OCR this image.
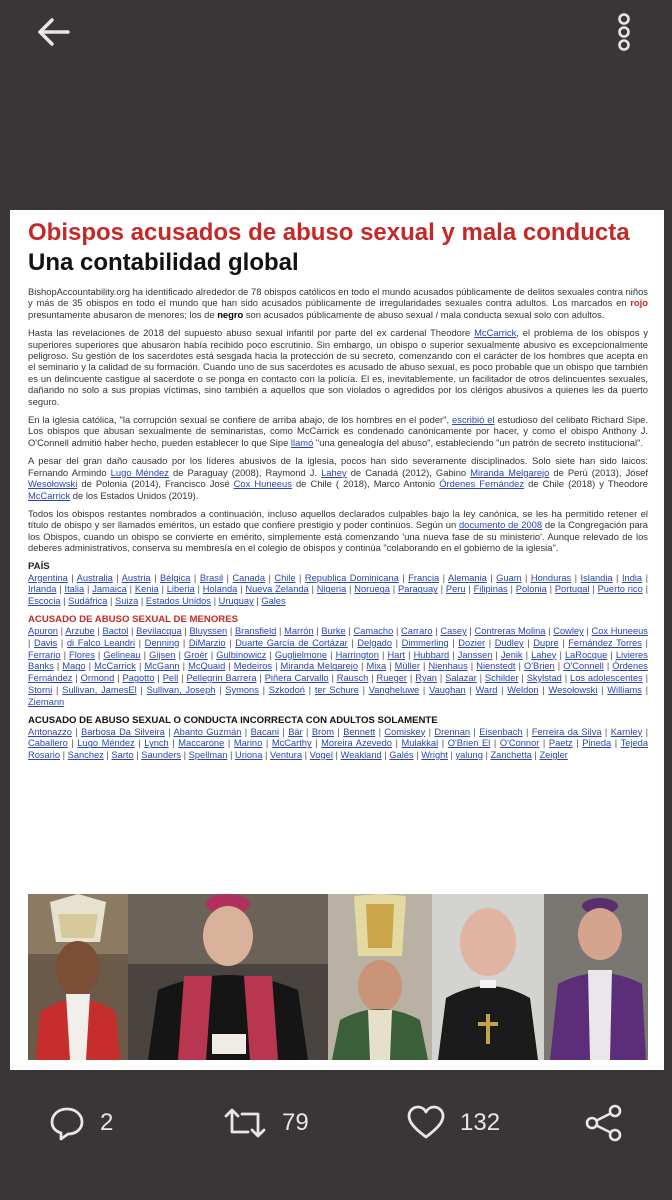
Obispos acusados de abuso sexual y mala conducta
Una contabilidad global

BishopAccountability.org ha identificado alrededor de 78 obispos católicos en todo el mundo acusados públicamente de delitos sexuales contra niños y más de 35 obispos en todo el mundo que han sido acusados públicamente de irregularidades sexuales contra adultos. Los marcados en rojo presuntamente abusaron de menores; los de negro son acusados públicamente de abuso sexual / mala conducta sexual solo con adultos.

Hasta las revelaciones de 2018 del supuesto abuso sexual infantil por parte del ex cardenal Theodore McCarrick, el problema de los obispos y superiores superiores que abusaron había recibido poco escrutinio. Sin embargo, un obispo o superior sexualmente abusivo es excepcionalmente peligroso. Su gestión de los sacerdotes está sesgada hacia la protección de su secreto, comenzando con el carácter de los hombres que acepta en el seminario y la calidad de su formación. Cuando uno de sus sacerdotes es acusado de abuso sexual, es poco probable que un obispo que también es un delincuente castigue al sacerdote o se ponga en contacto con la policía. El es, inevitablemente, un facilitador de otros delincuentes sexuales, dañando no solo a sus propias víctimas, sino también a aquellos que son violados o agredidos por los clérigos abusivos a quienes les da puerto seguro.

En la iglesia católica, "la corrupción sexual se confiere de arriba abajo, de los hombres en el poder", escribió el estudioso del celibato Richard Sipe. Los obispos que abusan sexualmente de seminaristas, como McCarrick es condenado canónicamente por hacer, y como el obispo Anthony J. O'Connell admitió haber hecho, pueden establecer lo que Sipe llamó "una genealogía del abuso", estableciendo "un patrón de secreto institucional".

A pesar del gran daño causado por los líderes abusivos de la iglesia, pocos han sido severamente disciplinados. Solo siete han sido laicos: Fernando Armindo Lugo Méndez de Paraguay (2008), Raymond J. Lahey de Canadá (2012), Gabino Miranda Melgarejo de Perú (2013), Jósef Wesołowski de Polonia (2014), Francisco José Cox Huneeus de Chile ( 2018), Marco Antonio Órdenes Fernández de Chile (2018) y Theodore McCarrick de los Estados Unidos (2019).

Todos los obispos restantes nombrados a continuación, incluso aquellos declarados culpables bajo la ley canónica, se les ha permitido retener el título de obispo y ser llamados eméritos, un estado que confiere prestigio y poder continuos. Según un documento de 2008 de la Congregación para los Obispos, cuando un obispo se convierte en emérito, simplemente está comenzando 'una nueva fase de su ministerio'. Aunque relevado de los deberes administrativos, conserva su membresía en el colegio de obispos y continúa "colaborando en el gobierno de la iglesia".

PAÍS
Argentina | Australia | Austria | Bélgica | Brasil | Canada | Chile | Republica Dominicana | Francia | Alemania | Guam | Honduras | Islandia | India | Irlanda | Italia | Jamaica | Kenia | Liberia | Holanda | Nueva Zelanda | Nigeria | Noruega | Paraguay | Peru | Filipinas | Polonia | Portugal | Puerto rico | Escocia | Sudáfrica | Suiza | Estados Unidos | Uruguay | Gales
ACUSADO DE ABUSO SEXUAL DE MENORES
Apuron | Arzube | Bactol | Bevilacqua | Bluyssen | Bransfield | Marrón | Burke | Camacho | Carraro | Casey | Contreras Molina | Cowley | Cox Huneeus | Davis | di Falco Leandri | Denning | DiMarzio | Duarte García de Cortázar | Delgado | Dimmerling | Dozier | Dudley | Dupre | Fernández Torres | Ferrario | Flores | Gelineau | Gijsen | Groër | Gulbinowicz | Guglielmone | Harrington | Hart | Hubbard | Janssen | Jenik | Lahey | LaRocque | Livieres Banks | Mago | McCarrick | McGann | McQuaid | Medeiros | Miranda Melgarejo | Mixa | Müller | Nienhaus | Nienstedt | O'Brien | O'Connell | Órdenes Fernández | Ormond | Pagotto | Pell | Pellegrin Barrera | Piñera Carvallo | Rausch | Rueger | Ryan | Salazar | Schilder | Skylstad | Los adolescentes | Storni | Sullivan, JamesEl | Sullivan, Joseph | Symons | Szkodoń | ter Schure | Vangheluwe | Vaughan | Ward | Weldon | Wesołowski | Williams | Ziemann
ACUSADO DE ABUSO SEXUAL O CONDUCTA INCORRECTA CON ADULTOS SOLAMENTE
Antonazzo | Barbosa Da Silveira | Abanto Guzmán | Bacani | Bär | Brom | Bennett | Comiskey | Drennan | Eisenbach | Ferreira da Silva | Karnley | Caballero | Lugo Méndez | Lynch | Maccarone | Marino | McCarthy | Moreira Azevedo | Mulakkal | O'Brien El | O'Connor | Paetz | Pineda | Tejeda Rosario | Sanchez | Sarto | Saunders | Spellman | Uriona | Ventura | Vogel | Weakland | Galés | Wright | yalung | Zanchetta | Zeigler
2	79	132
